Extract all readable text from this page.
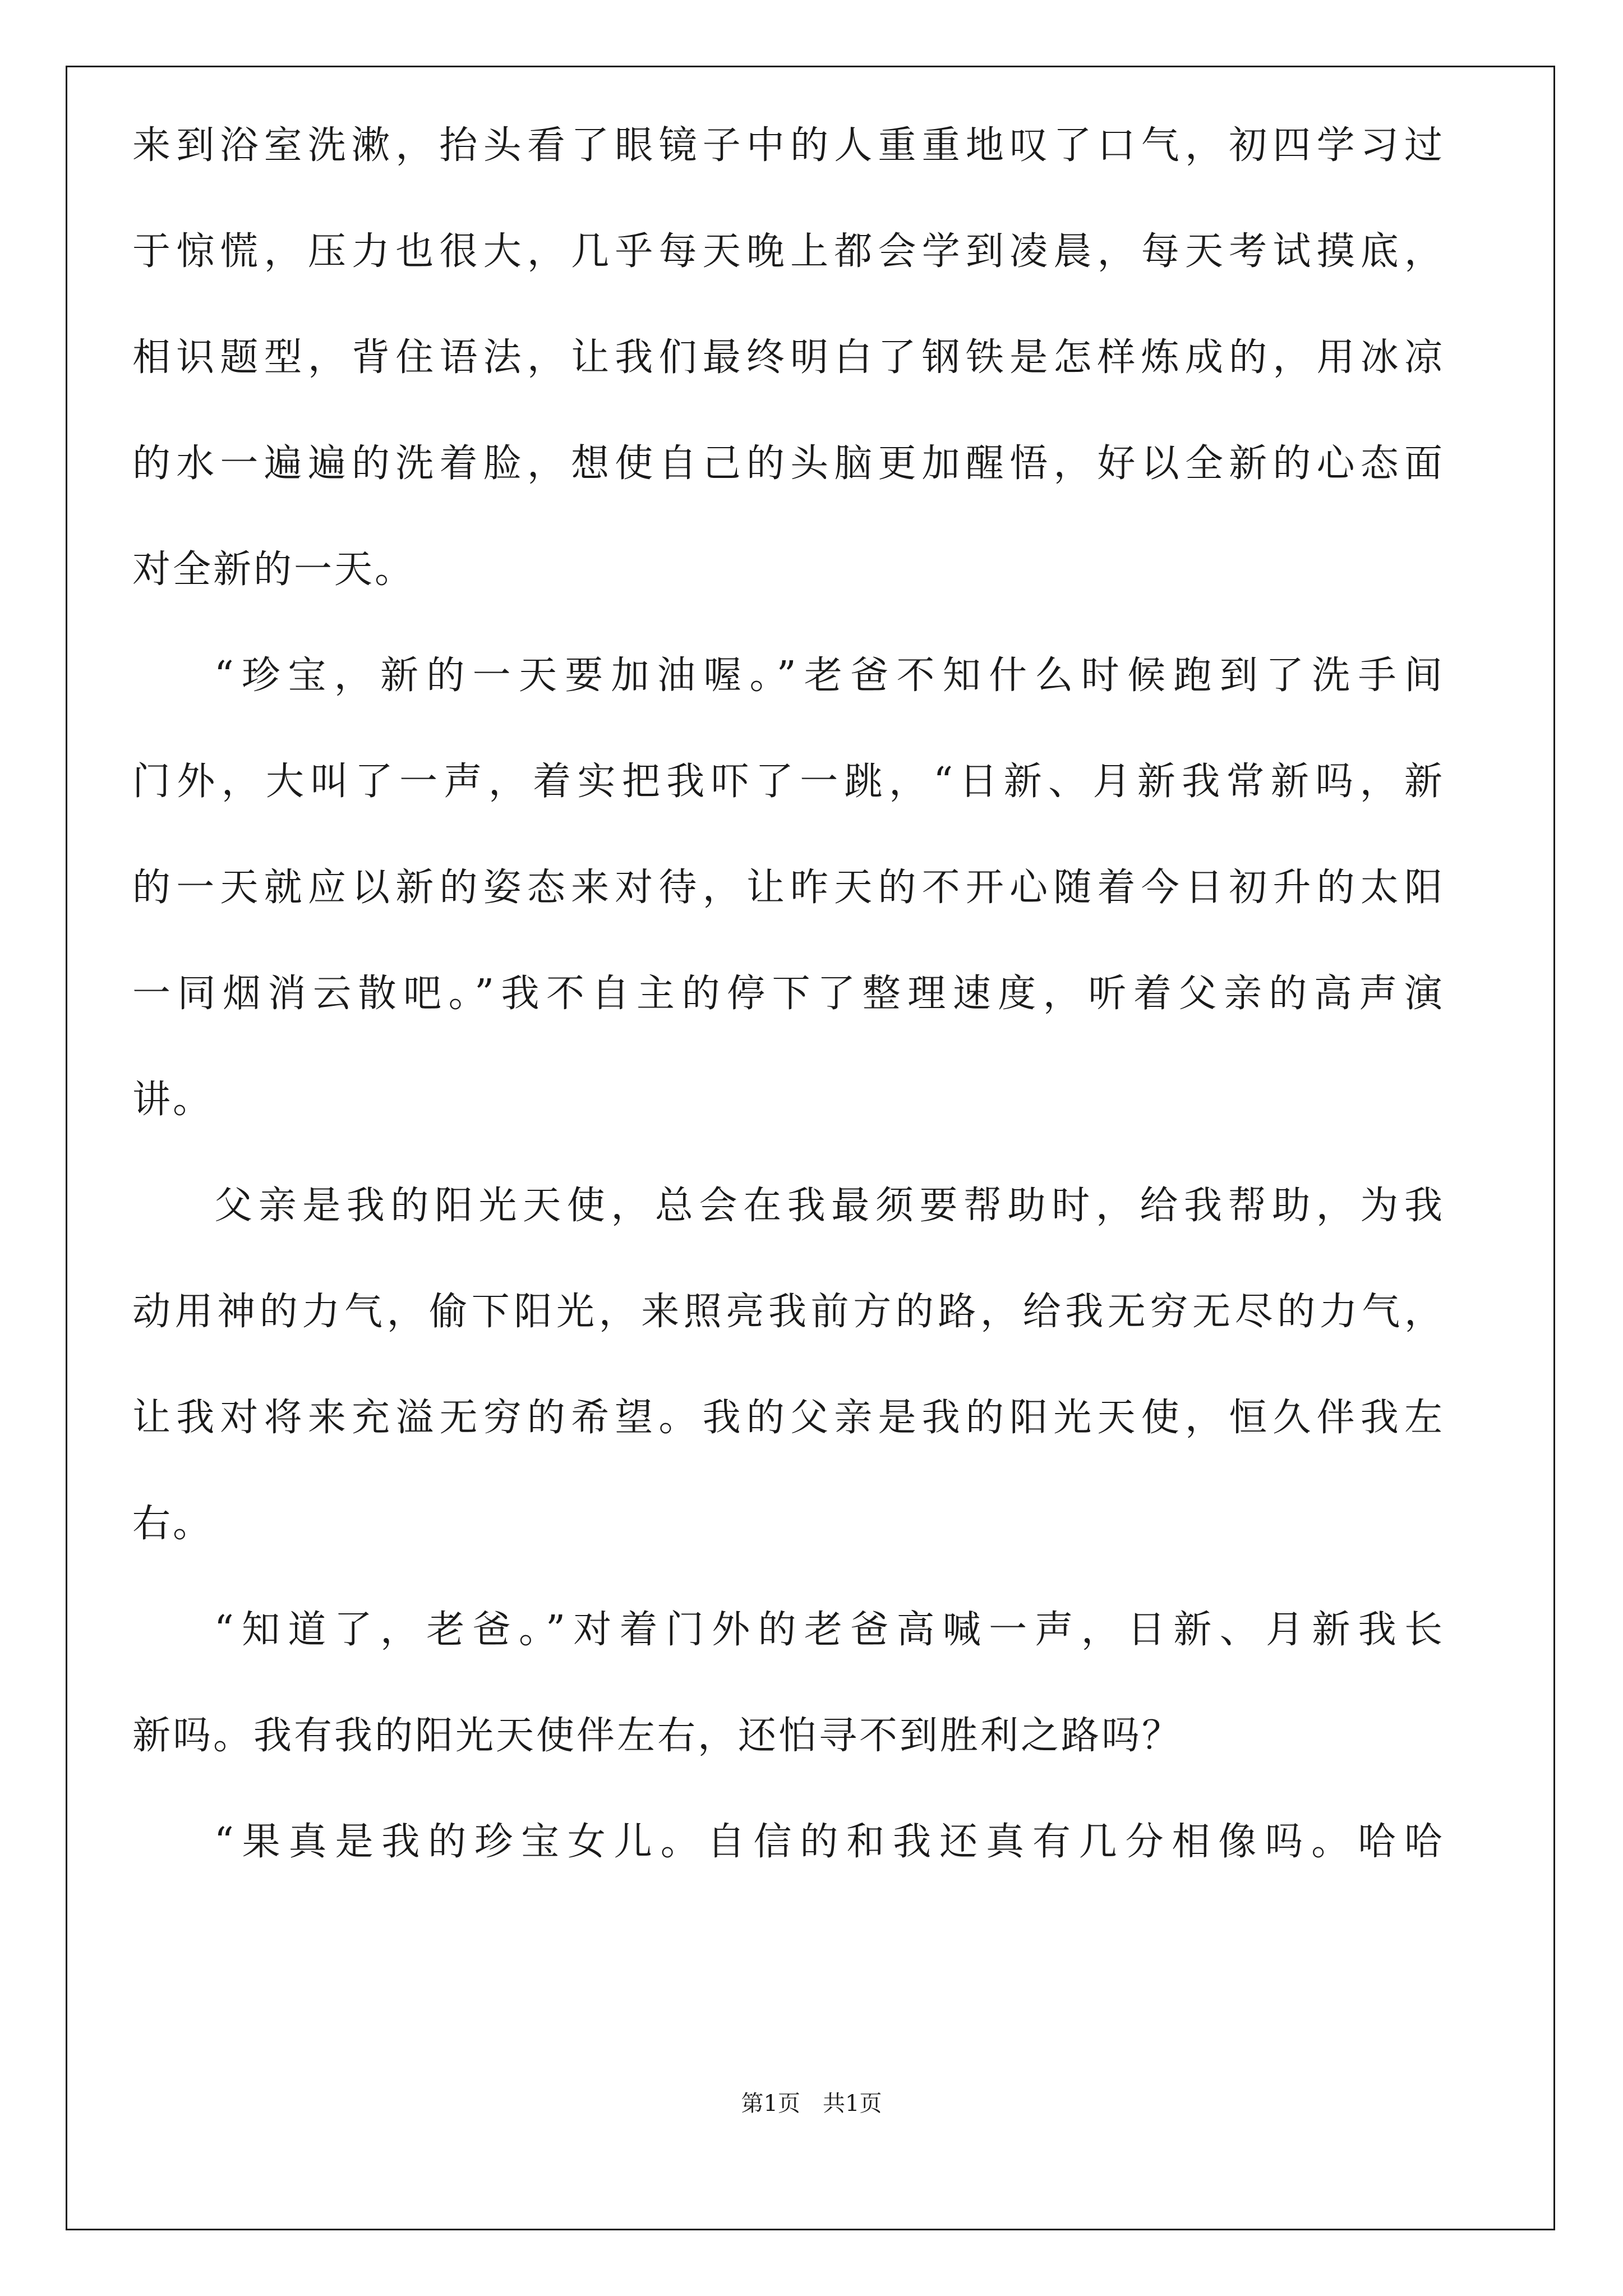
来到浴室洗漱，抬头看了眼镜子中的人重重地叹了口气，初四学习过
于惊慌，压力也很大，几乎每天晚上都会学到凌晨，每天考试摸底，
相识题型，背住语法，让我们最终明白了钢铁是怎样炼成的，用冰凉
的水一遍遍的洗着脸，想使自己的头脑更加醒悟，好以全新的心态面
对全新的一天。
“珍宝，新的一天要加油喔。”老爸不知什么时候跑到了洗手间
门外，大叫了一声，着实把我吓了一跳，“日新、月新我常新吗，新
的一天就应以新的姿态来对待，让昨天的不开心随着今日初升的太阳
一同烟消云散吧。”我不自主的停下了整理速度，听着父亲的高声演
讲。
父亲是我的阳光天使，总会在我最须要帮助时，给我帮助，为我
动用神的力气，偷下阳光，来照亮我前方的路，给我无穷无尽的力气，
让我对将来充溢无穷的希望。我的父亲是我的阳光天使，恒久伴我左
右。
“知道了，老爸。”对着门外的老爸高喊一声，日新、月新我长
新吗。我有我的阳光天使伴左右，还怕寻不到胜利之路吗？
“果真是我的珍宝女儿。自信的和我还真有几分相像吗。哈哈
第1页　共1页
